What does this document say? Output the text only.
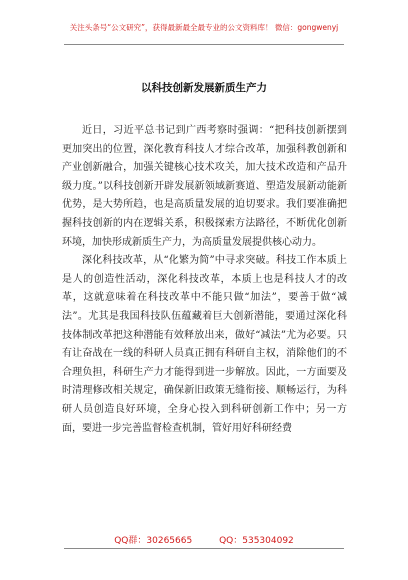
关注头条号“公文研究”，获得最新最全最专业的公文资料库！ 微信：gongwenyj
以科技创新发展新质生产力

近日，习近平总书记到广西考察时强调：“把科技创新摆到更加突出的位置，深化教育科技人才综合改革，加强科教创新和产业创新融合，加强关键核心技术攻关，加大技术改造和产品升级力度。”以科技创新开辟发展新领域新赛道、塑造发展新动能新优势，是大势所趋，也是高质量发展的迫切要求。我们要准确把握科技创新的内在逻辑关系，积极探索方法路径，不断优化创新环境，加快形成新质生产力，为高质量发展提供核心动力。

深化科技改革，从“化繁为简”中寻求突破。科技工作本质上是人的创造性活动，深化科技改革，本质上也是科技人才的改革，这就意味着在科技改革中不能只做“加法”，要善于做“减法”。尤其是我国科技队伍蕴藏着巨大创新潜能，要通过深化科技体制改革把这种潜能有效释放出来，做好“减法”尤为必要。只有让奋战在一线的科研人员真正拥有科研自主权，消除他们的不合理负担，科研生产力才能得到进一步解放。因此，一方面要及时清理修改相关规定，确保新旧政策无缝衔接、顺畅运行，为科研人员创造良好环境，全身心投入到科研创新工作中；另一方面，要进一步完善监督检查机制，管好用好科研经费

QQ群：30265665	QQ：535304092
